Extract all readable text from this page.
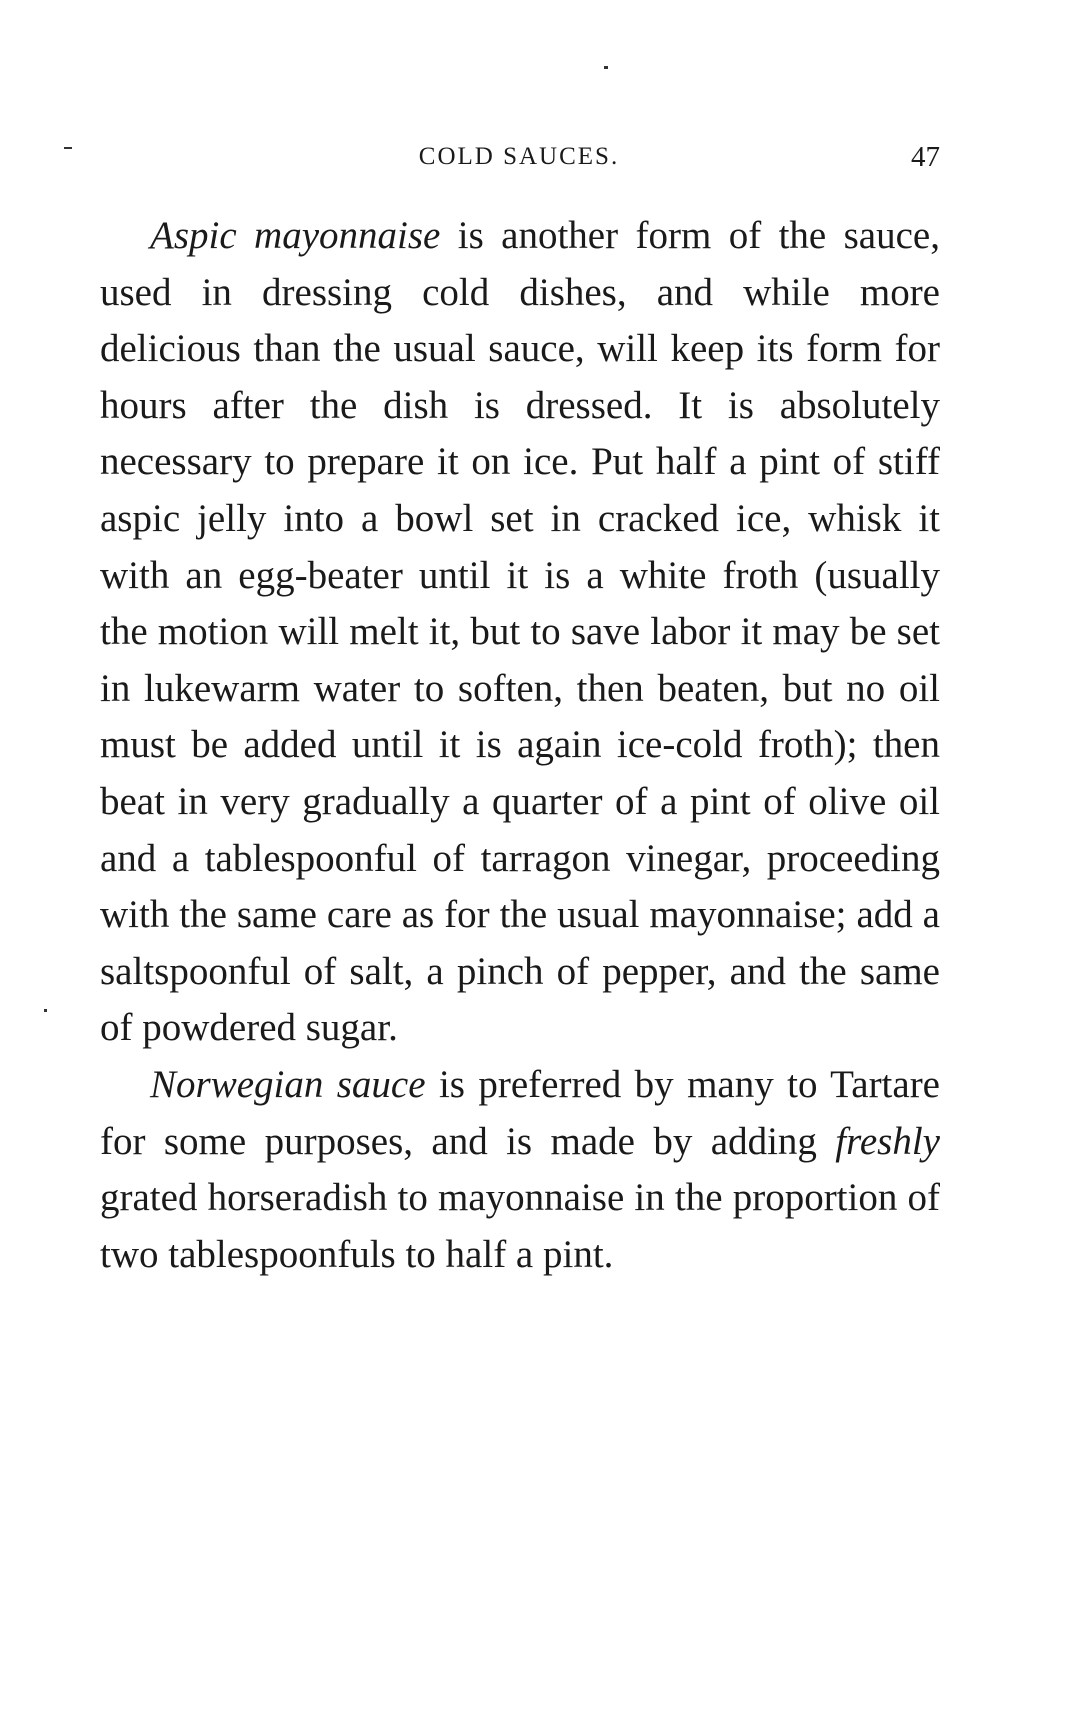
COLD SAUCES.	47

Aspic mayonnaise is another form of the sauce, used in dressing cold dishes, and while more delicious than the usual sauce, will keep its form for hours after the dish is dressed. It is absolutely necessary to prepare it on ice. Put half a pint of stiff aspic jelly into a bowl set in cracked ice, whisk it with an egg-beater until it is a white froth (usually the motion will melt it, but to save labor it may be set in lukewarm water to soften, then beaten, but no oil must be added until it is again ice-cold froth); then beat in very gradually a quarter of a pint of olive oil and a tablespoonful of tarragon vinegar, proceeding with the same care as for the usual mayonnaise; add a saltspoonful of salt, a pinch of pepper, and the same of powdered sugar.

Norwegian sauce is preferred by many to Tartare for some purposes, and is made by adding freshly grated horseradish to mayonnaise in the proportion of two tablespoonfuls to half a pint.
